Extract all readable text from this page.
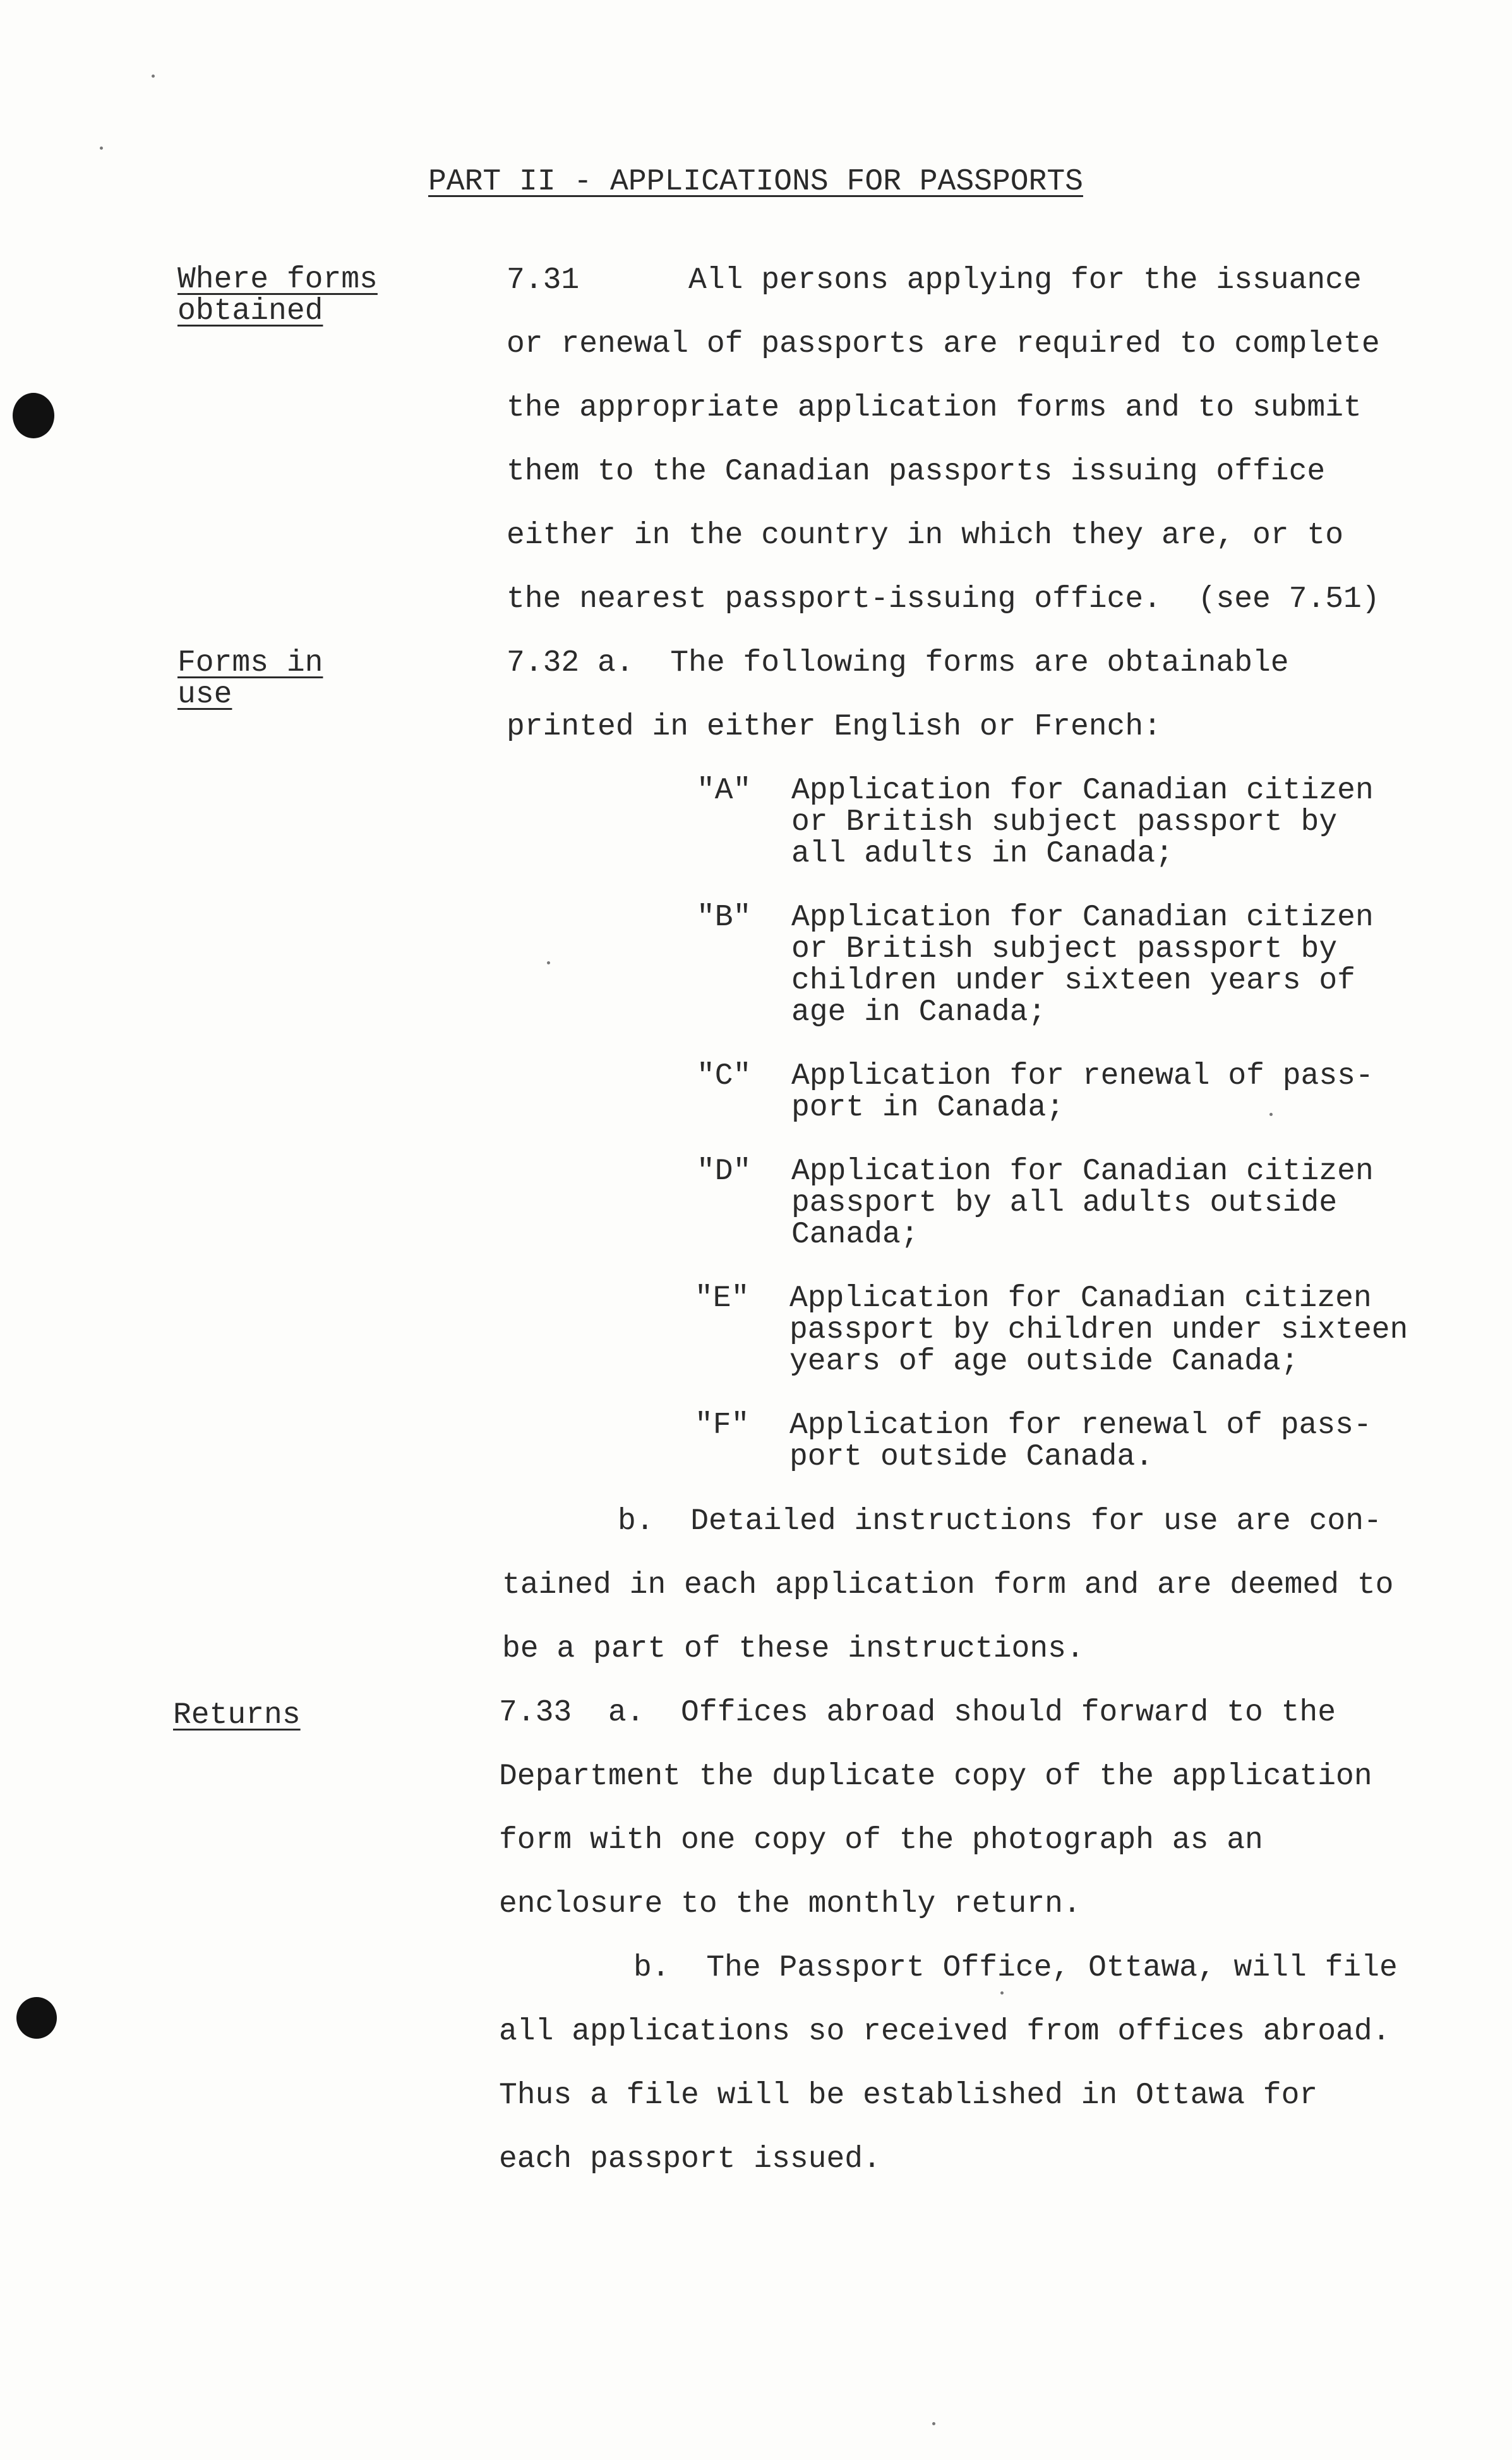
PART II - APPLICATIONS FOR PASSPORTS
Where forms
obtained
Forms in
use
Returns
7.31      All persons applying for the issuance
or renewal of passports are required to complete
the appropriate application forms and to submit
them to the Canadian passports issuing office
either in the country in which they are, or to
the nearest passport-issuing office.  (see 7.51)
7.32 a.  The following forms are obtainable
printed in either English or French:
"A" Application for Canadian citizen
or British subject passport by
all adults in Canada;
"B" Application for Canadian citizen
or British subject passport by
children under sixteen years of
age in Canada;
"C" Application for renewal of pass-
port in Canada;
"D" Application for Canadian citizen
passport by all adults outside
Canada;
"E" Application for Canadian citizen
passport by children under sixteen
years of age outside Canada;
"F" Application for renewal of pass-
port outside Canada.
b.  Detailed instructions for use are con-
tained in each application form and are deemed to
be a part of these instructions.
7.33  a.  Offices abroad should forward to the
Department the duplicate copy of the application
form with one copy of the photograph as an
enclosure to the monthly return.
b.  The Passport Office, Ottawa, will file
all applications so received from offices abroad.
Thus a file will be established in Ottawa for
each passport issued.
